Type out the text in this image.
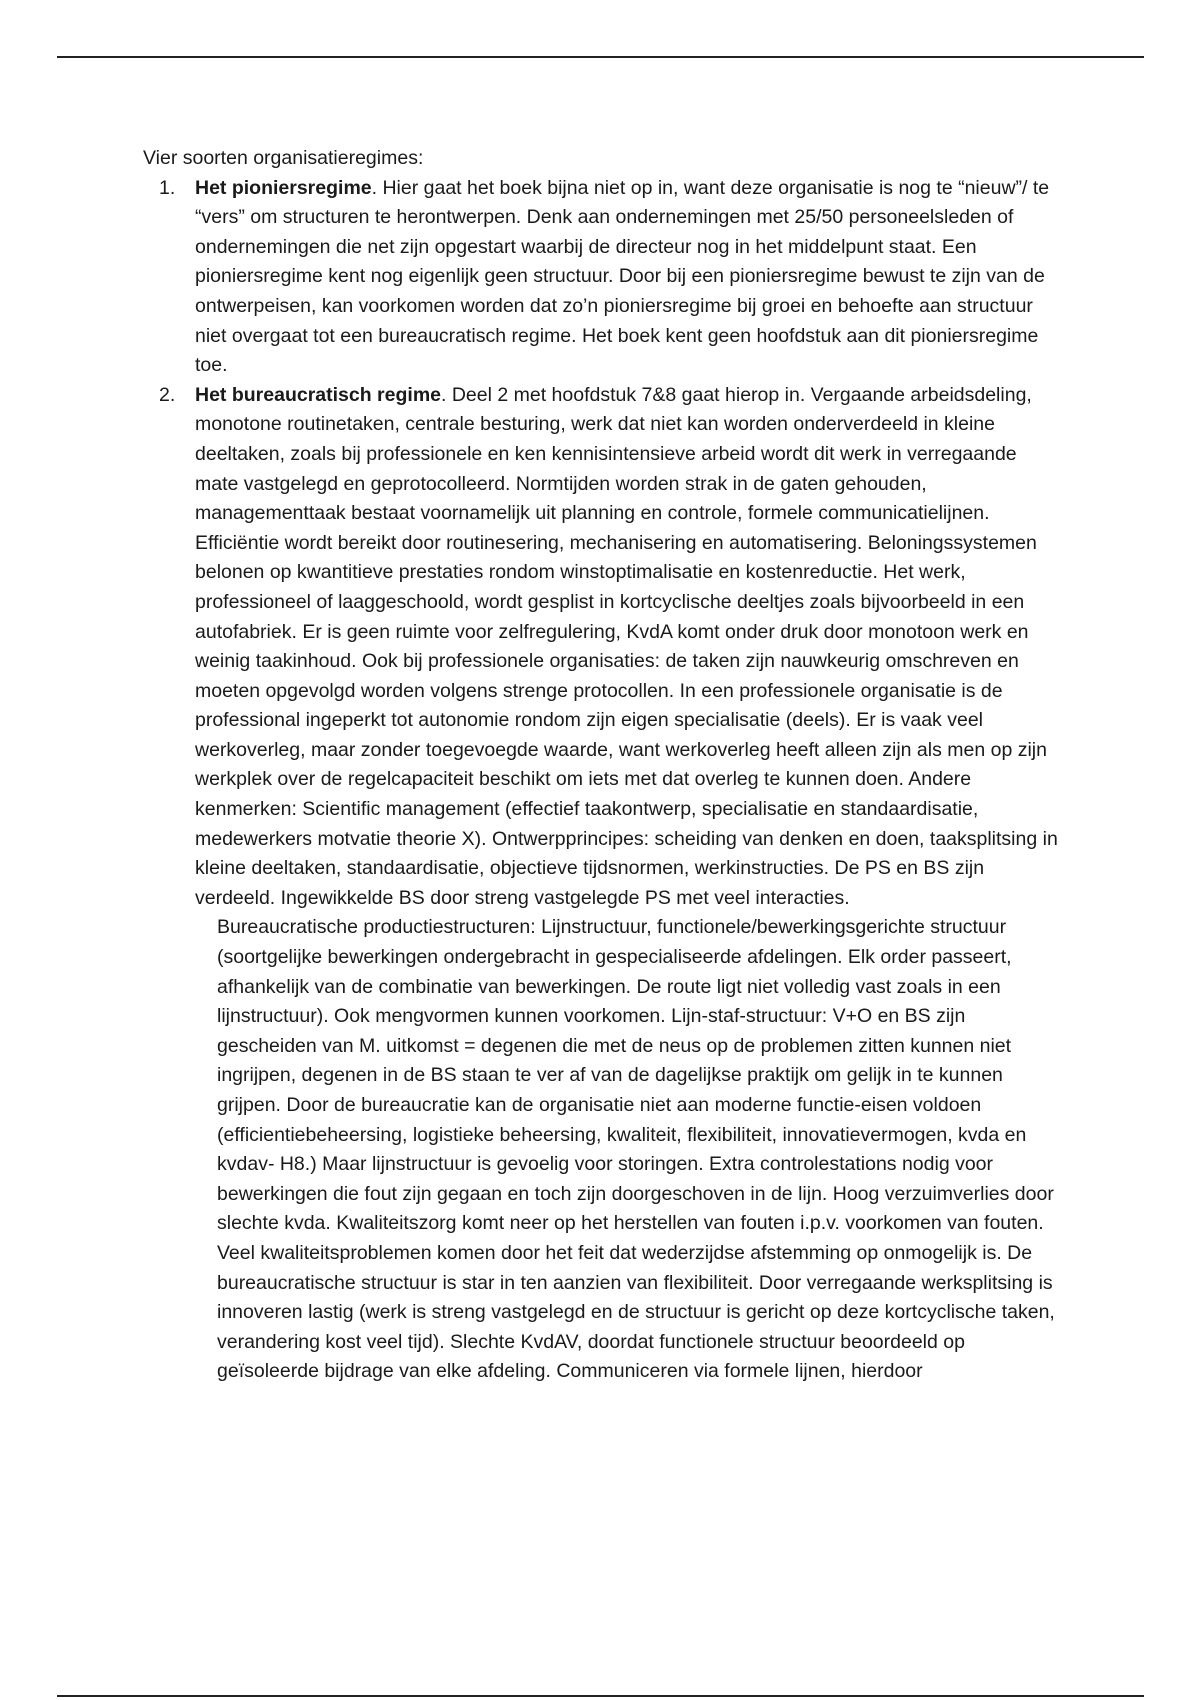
Vier soorten organisatieregimes:

1. Het pioniersregime. Hier gaat het boek bijna niet op in, want deze organisatie is nog te “nieuw”/ te “vers” om structuren te herontwerpen. Denk aan ondernemingen met 25/50 personeelsleden of ondernemingen die net zijn opgestart waarbij de directeur nog in het middelpunt staat. Een pioniersregime kent nog eigenlijk geen structuur. Door bij een pioniersregime bewust te zijn van de ontwerpeisen, kan voorkomen worden dat zo’n pioniersregime bij groei en behoefte aan structuur niet overgaat tot een bureaucratisch regime. Het boek kent geen hoofdstuk aan dit pioniersregime toe.
2. Het bureaucratisch regime. Deel 2 met hoofdstuk 7&8 gaat hierop in. Vergaande arbeidsdeling, monotone routinetaken, centrale besturing, werk dat niet kan worden onderverdeeld in kleine deeltaken, zoals bij professionele en ken kennisintensieve arbeid wordt dit werk in verregaande mate vastgelegd en geprotocolleerd. Normtijden worden strak in de gaten gehouden, managementtaak bestaat voornamelijk uit planning en controle, formele communicatielijnen. Efficiëntie wordt bereikt door routinesering, mechanisering en automatisering. Beloningssystemen belonen op kwantitieve prestaties rondom winstoptimalisatie en kostenreductie. Het werk, professioneel of laaggeschoold, wordt gesplist in kortcyclische deeltjes zoals bijvoorbeeld in een autofabriek. Er is geen ruimte voor zelfregulering, KvdA komt onder druk door monotoon werk en weinig taakinhoud. Ook bij professionele organisaties: de taken zijn nauwkeurig omschreven en moeten opgevolgd worden volgens strenge protocollen. In een professionele organisatie is de professional ingeperkt tot autonomie rondom zijn eigen specialisatie (deels). Er is vaak veel werkoverleg, maar zonder toegevoegde waarde, want werkoverleg heeft alleen zijn als men op zijn werkplek over de regelcapaciteit beschikt om iets met dat overleg te kunnen doen. Andere kenmerken: Scientific management (effectief taakontwerp, specialisatie en standaardisatie, medewerkers motvatie theorie X). Ontwerpprincipes: scheiding van denken en doen, taaksplitsing in kleine deeltaken, standaardisatie, objectieve tijdsnormen, werkinstructies. De PS en BS zijn verdeeld. Ingewikkelde BS door streng vastgelegde PS met veel interacties.

Bureaucratische productiestructuren: Lijnstructuur, functionele/bewerkingsgerichte structuur (soortgelijke bewerkingen ondergebracht in gespecialiseerde afdelingen. Elk order passeert, afhankelijk van de combinatie van bewerkingen. De route ligt niet volledig vast zoals in een lijnstructuur). Ook mengvormen kunnen voorkomen. Lijn-staf-structuur: V+O en BS zijn gescheiden van M. uitkomst = degenen die met de neus op de problemen zitten kunnen niet ingrijpen, degenen in de BS staan te ver af van de dagelijkse praktijk om gelijk in te kunnen grijpen. Door de bureaucratie kan de organisatie niet aan moderne functie-eisen voldoen (efficientiebeheersing, logistieke beheersing, kwaliteit, flexibiliteit, innovatievermogen, kvda en kvdav- H8.) Maar lijnstructuur is gevoelig voor storingen. Extra controlestations nodig voor bewerkingen die fout zijn gegaan en toch zijn doorgeschoven in de lijn. Hoog verzuimverlies door slechte kvda. Kwaliteitszorg komt neer op het herstellen van fouten i.p.v. voorkomen van fouten. Veel kwaliteitsproblemen komen door het feit dat wederzijdse afstemming op onmogelijk is. De bureaucratische structuur is star in ten aanzien van flexibiliteit. Door verregaande werksplitsing is innoveren lastig (werk is streng vastgelegd en de structuur is gericht op deze kortcyclische taken, verandering kost veel tijd). Slechte KvdAV, doordat functionele structuur beoordeeld op geïsoleerde bijdrage van elke afdeling. Communiceren via formele lijnen, hierdoor
